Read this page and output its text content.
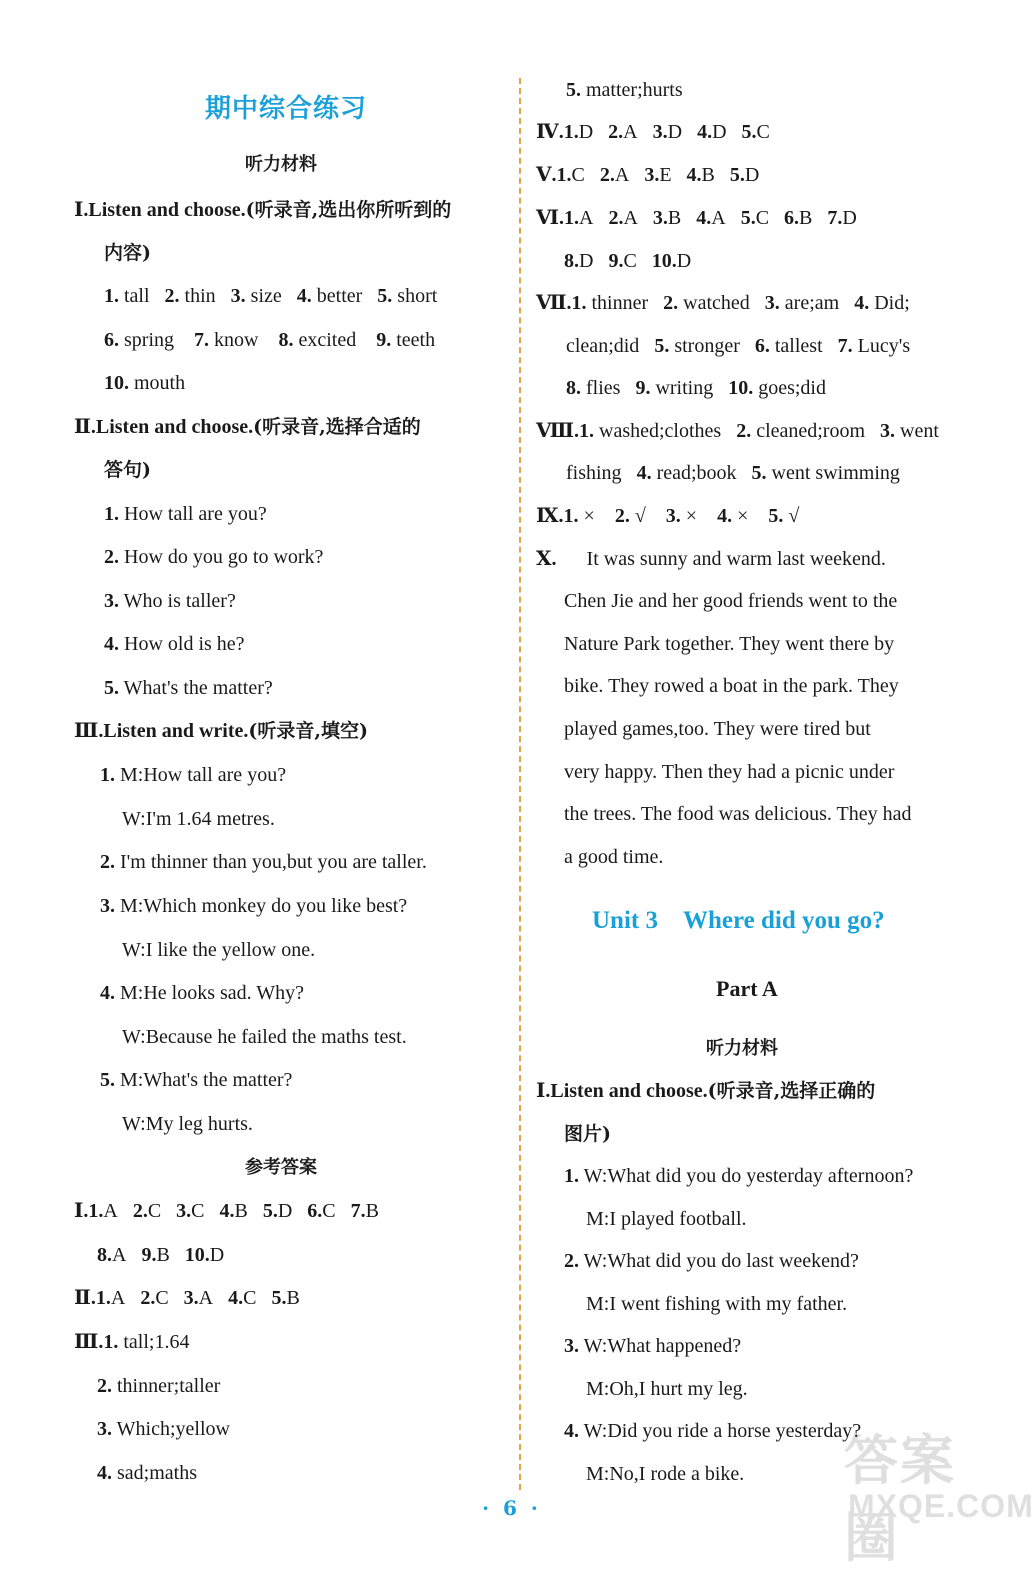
期中综合练习
听力材料
Ⅰ.Listen and choose.(听录音,选出你所听到的
内容)
1. tall 2. thin 3. size 4. better 5. short
6. spring 7. know 8. excited 9. teeth
10. mouth
Ⅱ.Listen and choose.(听录音,选择合适的
答句)
1. How tall are you?
2. How do you go to work?
3. Who is taller?
4. How old is he?
5. What's the matter?
Ⅲ.Listen and write.(听录音,填空)
1. M:How tall are you?
W:I'm 1.64 metres.
2. I'm thinner than you,but you are taller.
3. M:Which monkey do you like best?
W:I like the yellow one.
4. M:He looks sad. Why?
W:Because he failed the maths test.
5. M:What's the matter?
W:My leg hurts.
参考答案
Ⅰ.1.A 2.C 3.C 4.B 5.D 6.C 7.B
8.A 9.B 10.D
Ⅱ.1.A 2.C 3.A 4.C 5.B
Ⅲ.1. tall;1.64
2. thinner;taller
3. Which;yellow
4. sad;maths
5. matter;hurts
Ⅳ.1.D 2.A 3.D 4.D 5.C
Ⅴ.1.C 2.A 3.E 4.B 5.D
Ⅵ.1.A 2.A 3.B 4.A 5.C 6.B 7.D
8.D 9.C 10.D
Ⅶ.1. thinner 2. watched 3. are;am 4. Did;
clean;did 5. stronger 6. tallest 7. Lucy's
8. flies 9. writing 10. goes;did
Ⅷ.1. washed;clothes 2. cleaned;room 3. went
fishing 4. read;book 5. went swimming
Ⅸ.1. × 2. √ 3. × 4. × 5. √
Ⅹ. It was sunny and warm last weekend.
Chen Jie and her good friends went to the
Nature Park together. They went there by
bike. They rowed a boat in the park. They
played games,too. They were tired but
very happy. Then they had a picnic under
the trees. The food was delicious. They had
a good time.
Unit 3　Where did you go?
Part A
听力材料
Ⅰ.Listen and choose.(听录音,选择正确的
图片)
1. W:What did you do yesterday afternoon?
M:I played football.
2. W:What did you do last weekend?
M:I went fishing with my father.
3. W:What happened?
M:Oh,I hurt my leg.
4. W:Did you ride a horse yesterday?
M:No,I rode a bike. 答案圈
MXQE.COM
· 6 ·
